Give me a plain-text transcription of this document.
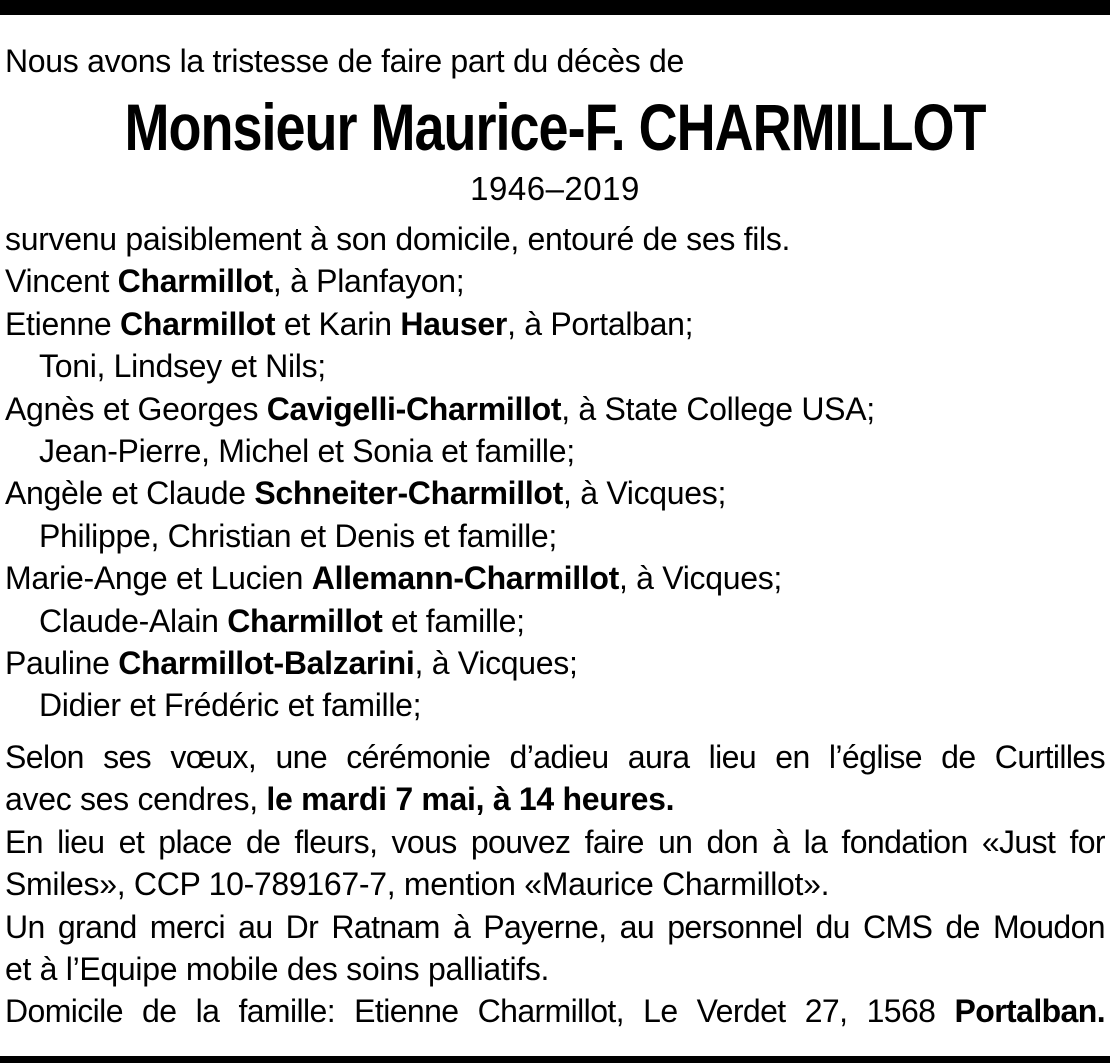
Nous avons la tristesse de faire part du décès de
Monsieur Maurice-F. CHARMILLOT
1946–2019
survenu paisiblement à son domicile, entouré de ses fils.
Vincent Charmillot, à Planfayon;
Etienne Charmillot et Karin Hauser, à Portalban;
Toni, Lindsey et Nils;
Agnès et Georges Cavigelli-Charmillot, à State College USA;
Jean-Pierre, Michel et Sonia et famille;
Angèle et Claude Schneiter-Charmillot, à Vicques;
Philippe, Christian et Denis et famille;
Marie-Ange et Lucien Allemann-Charmillot, à Vicques;
Claude-Alain Charmillot et famille;
Pauline Charmillot-Balzarini, à Vicques;
Didier et Frédéric et famille;
Selon ses vœux, une cérémonie d’adieu aura lieu en l’église de Curtilles
avec ses cendres, le mardi 7 mai, à 14 heures.
En lieu et place de fleurs, vous pouvez faire un don à la fondation «Just for
Smiles», CCP 10-789167-7, mention «Maurice Charmillot».
Un grand merci au Dr Ratnam à Payerne, au personnel du CMS de Moudon
et à l’Equipe mobile des soins palliatifs.
Domicile de la famille: Etienne Charmillot, Le Verdet 27, 1568 Portalban.
